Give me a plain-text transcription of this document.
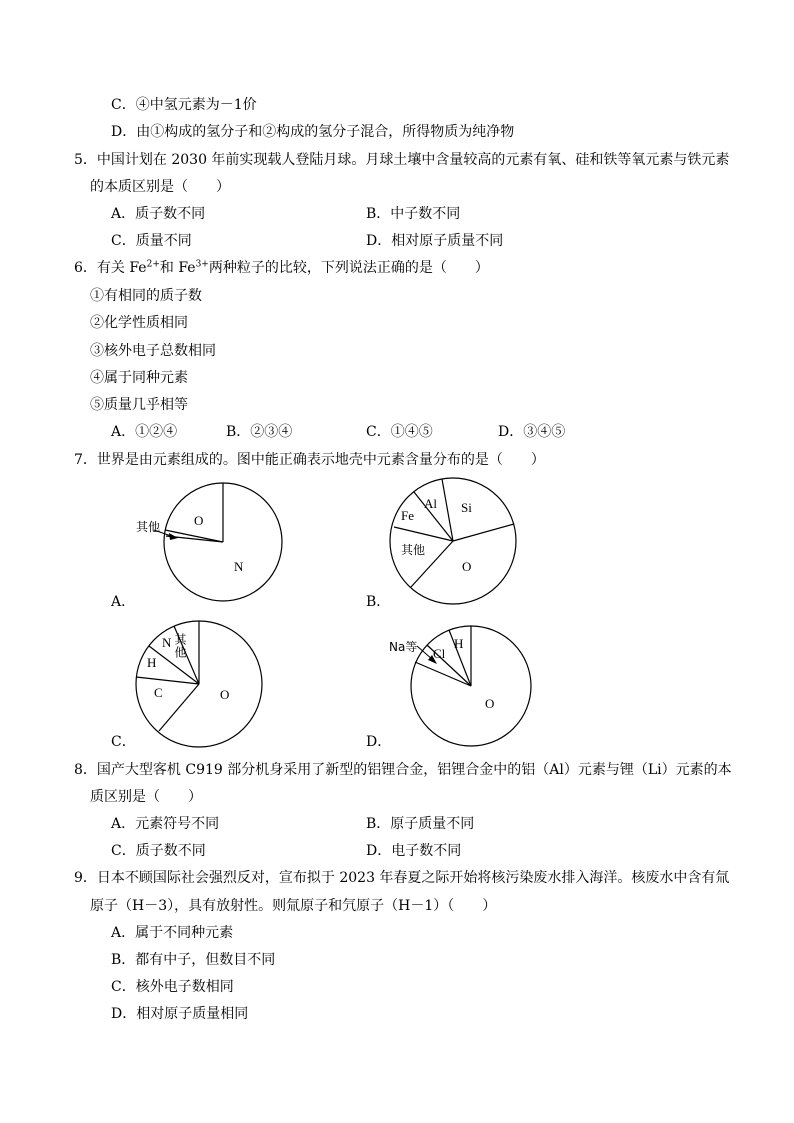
C．④中氢元素为－1价
D．由①构成的氢分子和②构成的氢分子混合，所得物质为纯净物
5．中国计划在 2030 年前实现载人登陆月球。月球土壤中含量较高的元素有氧、硅和铁等氧元素与铁元素
的本质区别是（　　）
A．质子数不同	B．中子数不同
C．质量不同	D．相对原子质量不同
6．有关 $Fe^{2+}$和 $Fe^{3+}$两种粒子的比较，下列说法正确的是（　　）
①有相同的质子数
②化学性质相同
③核外电子总数相同
④属于同种元素
⑤质量几乎相等
A．①②④	B．②③④	C．①④⑤	D．③④⑤
7．世界是由元素组成的。图中能正确表示地壳中元素含量分布的是（　　）
O
N
其他
A．
Si
Al
Fe
其他
O
B．
O
C
H
N 其他
C．
O
H
Cl
Na等
D．
8．国产大型客机 C919 部分机身采用了新型的铝锂合金，铝锂合金中的铝（Al）元素与锂（Li）元素的本
质区别是（　　）
A．元素符号不同	B．原子质量不同
C．质子数不同	D．电子数不同
9．日本不顾国际社会强烈反对，宣布拟于 2023 年春夏之际开始将核污染废水排入海洋。核废水中含有氚
原子（H－3），具有放射性。则氚原子和氕原子（H－1）（　　）
A．属于不同种元素
B．都有中子，但数目不同
C．核外电子数相同
D．相对原子质量相同
